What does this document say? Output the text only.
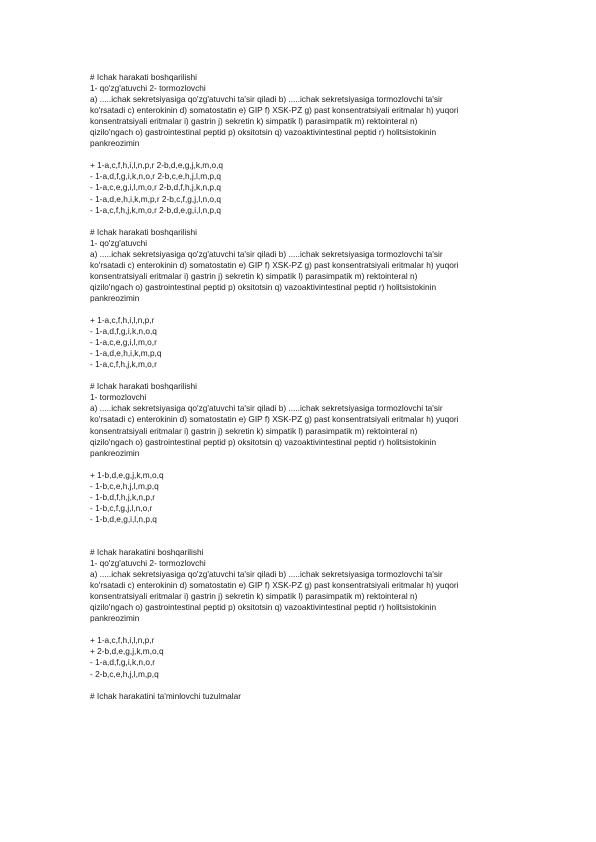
# Ichak harakati boshqarilishi
1- qo'zg'atuvchi 2- tormozlovchi
a) .....ichak sekretsiyasiga qo'zg'atuvchi ta'sir qiladi b) .....ichak sekretsiyasiga tormozlovchi ta'sir
ko'rsatadi c) enterokinin d) somatostatin e) GIP f) XSK-PZ g) past konsentratsiyali eritmalar h) yuqori
konsentratsiyali eritmalar i) gastrin j) sekretin k) simpatik l) parasimpatik m) rektointeral n)
qizilo'ngach o) gastrointestinal peptid p) oksitotsin q) vazoaktivintestinal peptid r) holitsistokinin
pankreozimin
+ 1-a,c,f,h,i,l,n,p,r 2-b,d,e,g,j,k,m,o,q
- 1-a,d,f,g,i,k,n,o,r 2-b,c,e,h,j,l,m,p,q
- 1-a,c,e,g,i,l,m,o,r 2-b,d,f,h,j,k,n,p,q
- 1-a,d,e,h,i,k,m,p,r 2-b,c,f,g,j,l,n,o,q
- 1-a,c,f,h,j,k,m,o,r 2-b,d,e,g,i,l,n,p,q
# Ichak harakati boshqarilishi
1- qo'zg'atuvchi
a) .....ichak sekretsiyasiga qo'zg'atuvchi ta'sir qiladi b) .....ichak sekretsiyasiga tormozlovchi ta'sir
ko'rsatadi c) enterokinin d) somatostatin e) GIP f) XSK-PZ g) past konsentratsiyali eritmalar h) yuqori
konsentratsiyali eritmalar i) gastrin j) sekretin k) simpatik l) parasimpatik m) rektointeral n)
qizilo'ngach o) gastrointestinal peptid p) oksitotsin q) vazoaktivintestinal peptid r) holitsistokinin
pankreozimin
+ 1-a,c,f,h,i,l,n,p,r
- 1-a,d,f,g,i,k,n,o,q
- 1-a,c,e,g,i,l,m,o,r
- 1-a,d,e,h,i,k,m,p,q
- 1-a,c,f,h,j,k,m,o,r
# Ichak harakati boshqarilishi
1- tormozlovchi
a) .....ichak sekretsiyasiga qo'zg'atuvchi ta'sir qiladi b) .....ichak sekretsiyasiga tormozlovchi ta'sir
ko'rsatadi c) enterokinin d) somatostatin e) GIP f) XSK-PZ g) past konsentratsiyali eritmalar h) yuqori
konsentratsiyali eritmalar i) gastrin j) sekretin k) simpatik l) parasimpatik m) rektointeral n)
qizilo'ngach o) gastrointestinal peptid p) oksitotsin q) vazoaktivintestinal peptid r) holitsistokinin
pankreozimin
+ 1-b,d,e,g,j,k,m,o,q
- 1-b,c,e,h,j,l,m,p,q
- 1-b,d,f,h,j,k,n,p,r
- 1-b,c,f,g,j,l,n,o,r
- 1-b,d,e,g,i,l,n,p,q
# Ichak harakatini boshqarilishi
1- qo'zg'atuvchi 2- tormozlovchi
a) .....ichak sekretsiyasiga qo'zg'atuvchi ta'sir qiladi b) .....ichak sekretsiyasiga tormozlovchi ta'sir
ko'rsatadi c) enterokinin d) somatostatin e) GIP f) XSK-PZ g) past konsentratsiyali eritmalar h) yuqori
konsentratsiyali eritmalar i) gastrin j) sekretin k) simpatik l) parasimpatik m) rektointeral n)
qizilo'ngach o) gastrointestinal peptid p) oksitotsin q) vazoaktivintestinal peptid r) holitsistokinin
pankreozimin
+ 1-a,c,f,h,i,l,n,p,r
+ 2-b,d,e,g,j,k,m,o,q
- 1-a,d,f,g,i,k,n,o,r
- 2-b,c,e,h,j,l,m,p,q
# Ichak harakatini ta'minlovchi tuzulmalar
